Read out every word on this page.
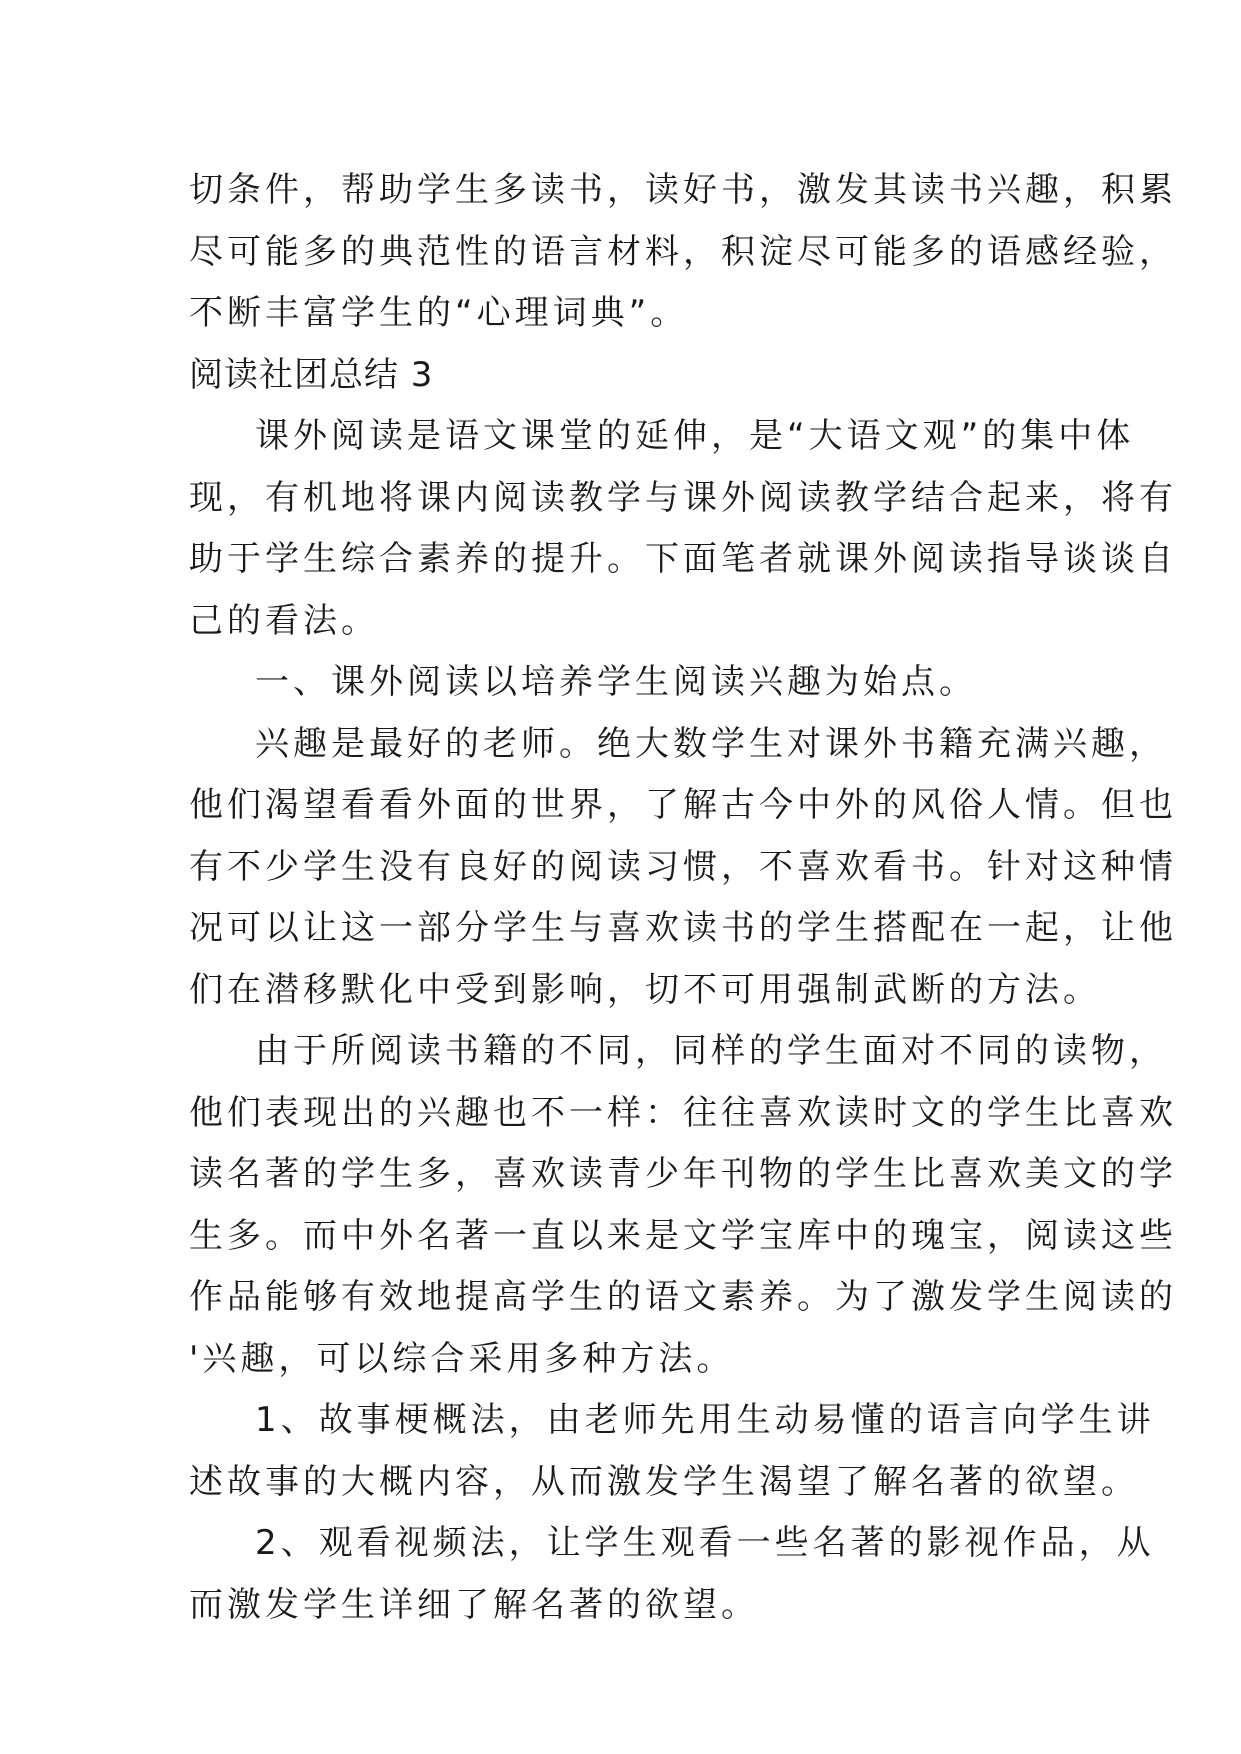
切条件，帮助学生多读书，读好书，激发其读书兴趣，积累
尽可能多的典范性的语言材料，积淀尽可能多的语感经验，
不断丰富学生的“心理词典”。
阅读社团总结 3
课外阅读是语文课堂的延伸，是“大语文观”的集中体
现，有机地将课内阅读教学与课外阅读教学结合起来，将有
助于学生综合素养的提升。下面笔者就课外阅读指导谈谈自
己的看法。
一、课外阅读以培养学生阅读兴趣为始点。
兴趣是最好的老师。绝大数学生对课外书籍充满兴趣，
他们渴望看看外面的世界，了解古今中外的风俗人情。但也
有不少学生没有良好的阅读习惯，不喜欢看书。针对这种情
况可以让这一部分学生与喜欢读书的学生搭配在一起，让他
们在潜移默化中受到影响，切不可用强制武断的方法。
由于所阅读书籍的不同，同样的学生面对不同的读物，
他们表现出的兴趣也不一样：往往喜欢读时文的学生比喜欢
读名著的学生多，喜欢读青少年刊物的学生比喜欢美文的学
生多。而中外名著一直以来是文学宝库中的瑰宝，阅读这些
作品能够有效地提高学生的语文素养。为了激发学生阅读的
'兴趣，可以综合采用多种方法。
1、故事梗概法，由老师先用生动易懂的语言向学生讲
述故事的大概内容，从而激发学生渴望了解名著的欲望。
2、观看视频法，让学生观看一些名著的影视作品，从
而激发学生详细了解名著的欲望。
